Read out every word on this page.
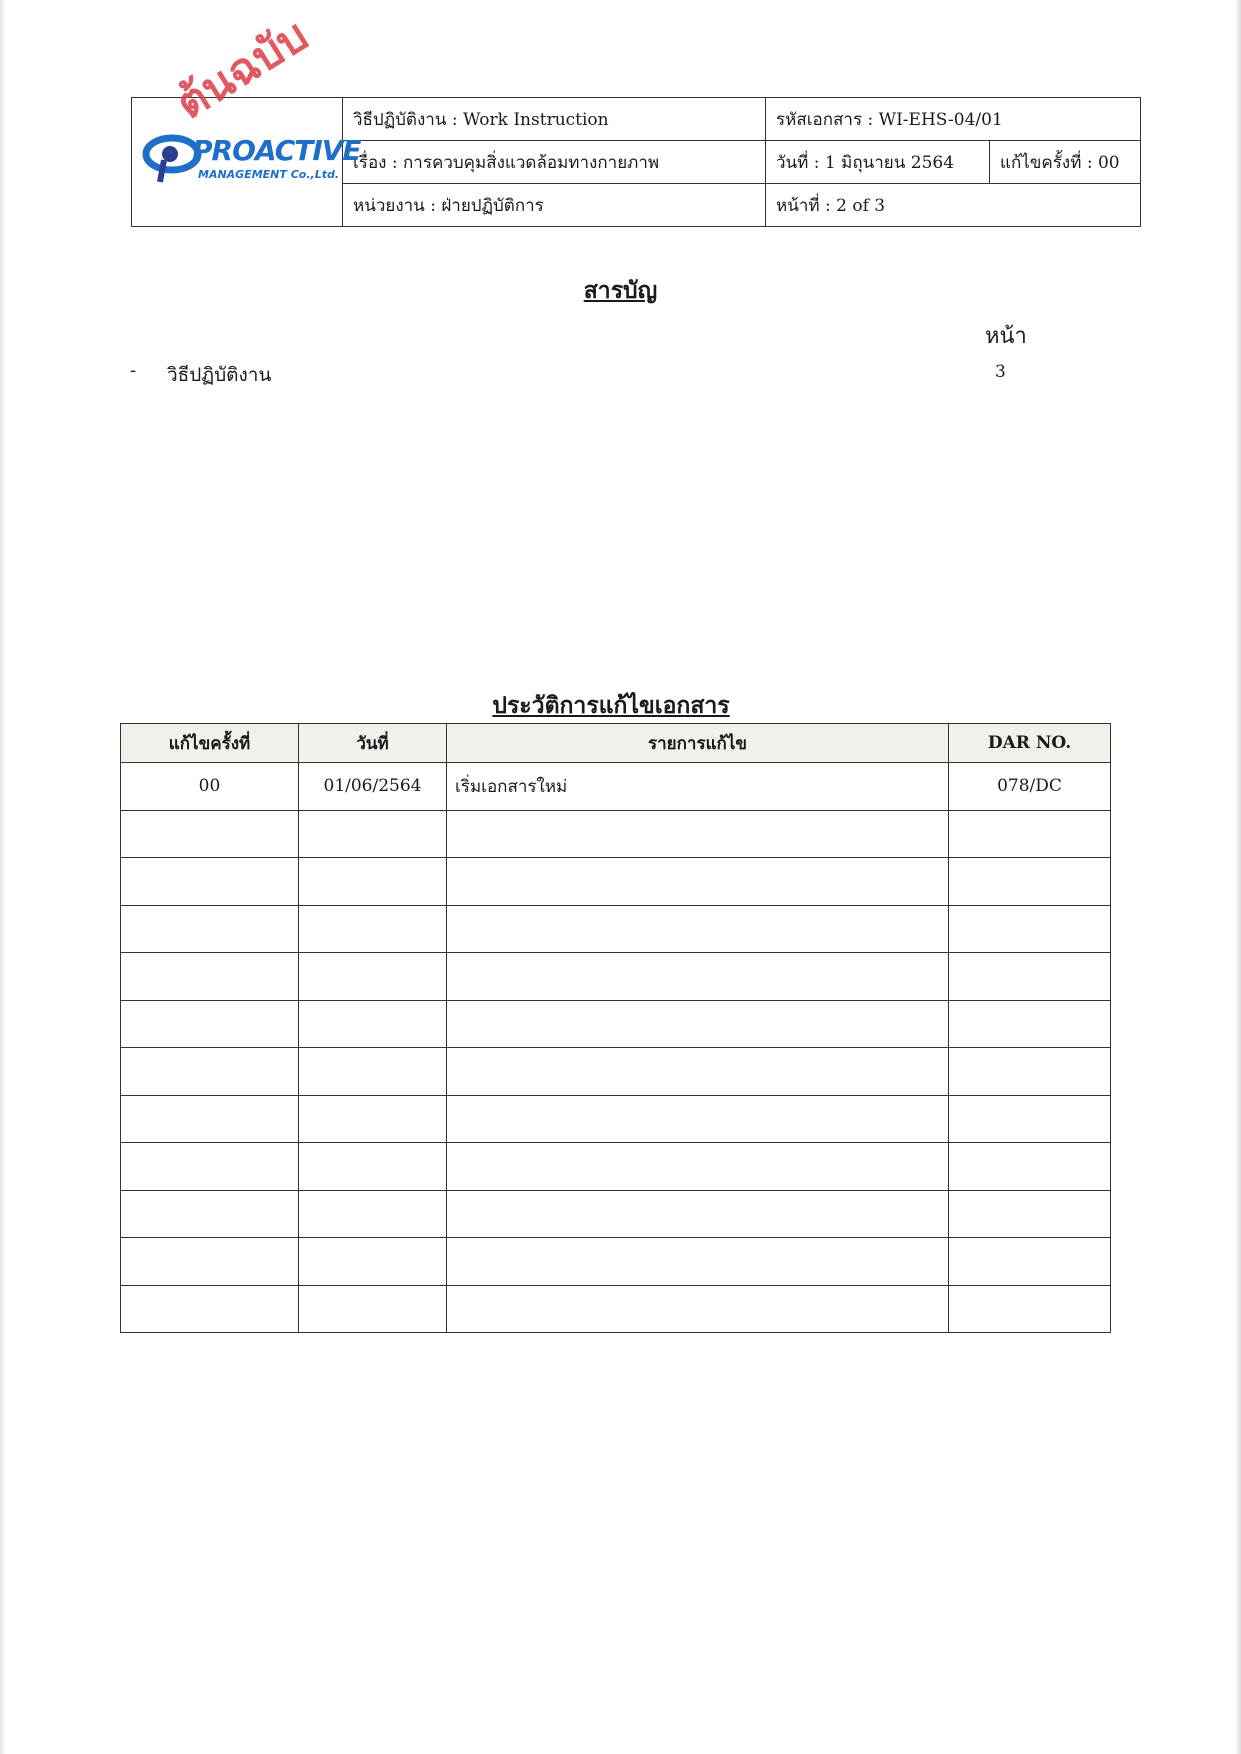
PROACTIVE
MANAGEMENT Co.,Ltd.
ต้นฉบับ	วิธีปฏิบัติงาน : Work Instruction	รหัสเอกสาร : WI-EHS-04/01	
	เรื่อง : การควบคุมสิ่งแวดล้อมทางกายภาพ	วันที่ : 1 มิถุนายน 2564	แก้ไขครั้งที่ : 00
	หน่วยงาน : ฝ่ายปฏิบัติการ	หน้าที่ : 2 of 3	
สารบัญ
หน้า
- วิธีปฏิบัติงาน	3
ประวัติการแก้ไขเอกสาร
แก้ไขครั้งที่	วันที่	รายการแก้ไข	DAR NO.
00	01/06/2564	เริ่มเอกสารใหม่	078/DC
